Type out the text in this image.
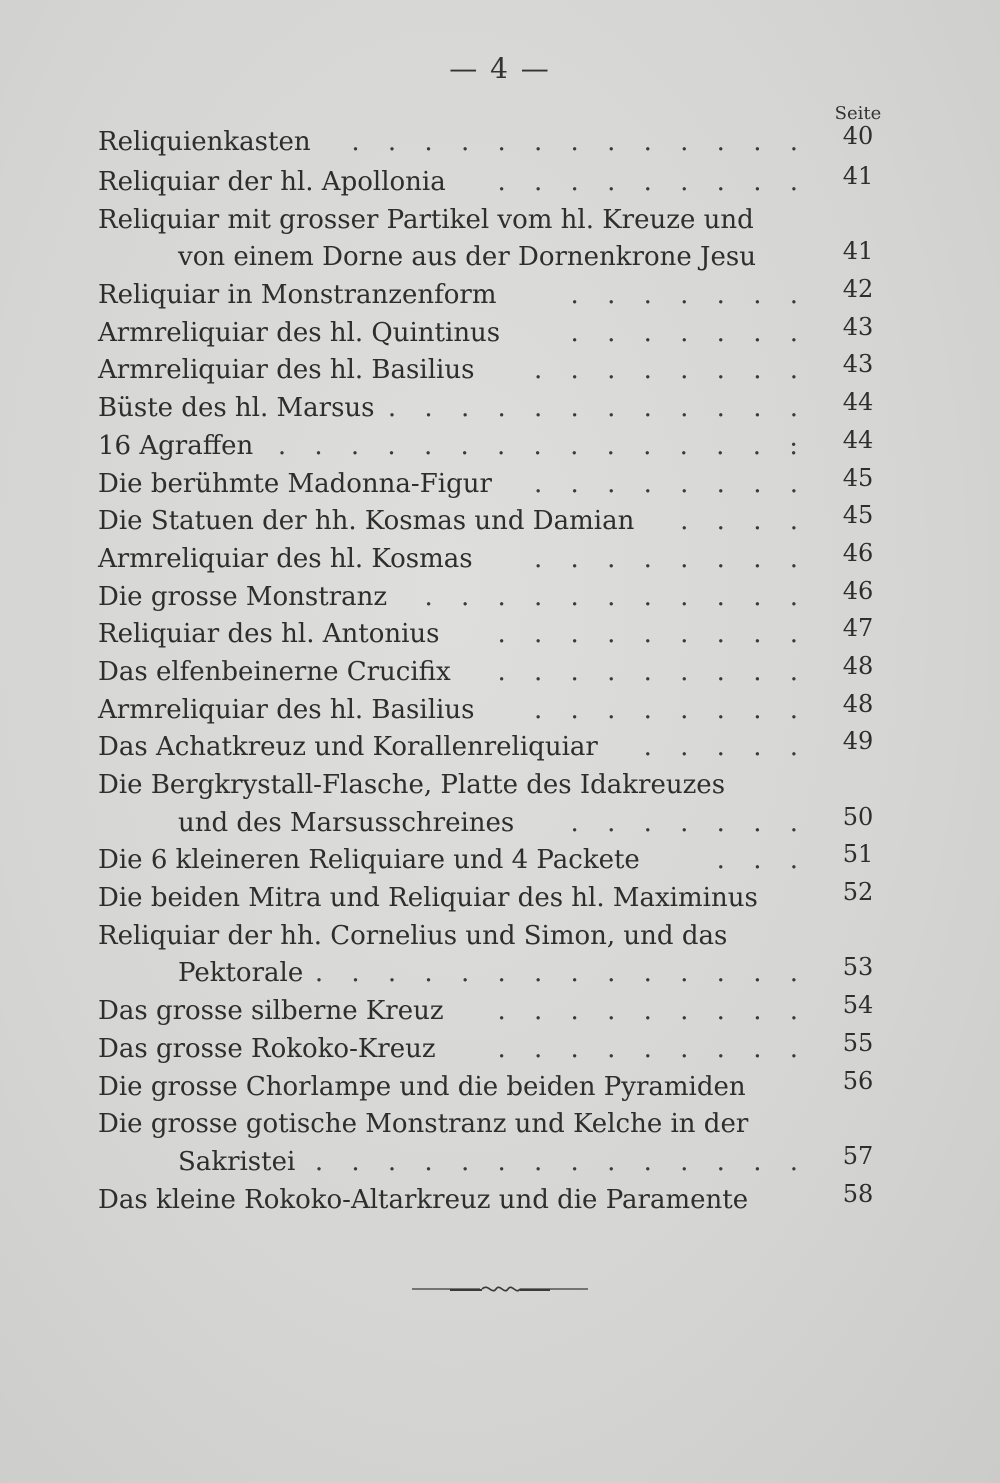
— 4 —
Seite
Reliquienkasten . . . . . . . . . . . . .	40
Reliquiar der hl. Apollonia . . . . . . . . .	41
Reliquiar mit grosser Partikel vom hl. Kreuze und
von einem Dorne aus der Dornenkrone Jesu	41
Reliquiar in Monstranzenform	. . . . . . .	42
Armreliquiar des hl. Quintinus	. . . . . . .	43
Armreliquiar des hl. Basilius . . . . . . . .	43
Büste des hl. Marsus . . . . . . . . . . . .	44
16 Agraffen . . . . . . . . . . . . . . :	44
Die berühmte Madonna-Figur . . . . . . . .	45
Die Statuen der hh. Kosmas und Damian . . . .	45
Armreliquiar des hl. Kosmas . . . . . . . .	46
Die grosse Monstranz . . . . . . . . . . .	46
Reliquiar des hl. Antonius . . . . . . . . .	47
Das elfenbeinerne Crucifix . . . . . . . . .	48
Armreliquiar des hl. Basilius . . . . . . . .	48
Das Achatkreuz und Korallenreliquiar . . . . .	49
Die Bergkrystall-Flasche, Platte des Idakreuzes
und des Marsusschreines . . . . . . .	50
Die 6 kleineren Reliquiare und 4 Packete	. . .	51
Die beiden Mitra und Reliquiar des hl. Maximinus	52
Reliquiar der hh. Cornelius und Simon, und das
Pektorale . . . . . . . . . . . . . .	53
Das grosse silberne Kreuz . . . . . . . . .	54
Das grosse Rokoko-Kreuz . . . . . . . . .	55
Die grosse Chorlampe und die beiden Pyramiden	56
Die grosse gotische Monstranz und Kelche in der
Sakristei . . . . . . . . . . . . . .	57
Das kleine Rokoko-Altarkreuz und die Paramente	58
